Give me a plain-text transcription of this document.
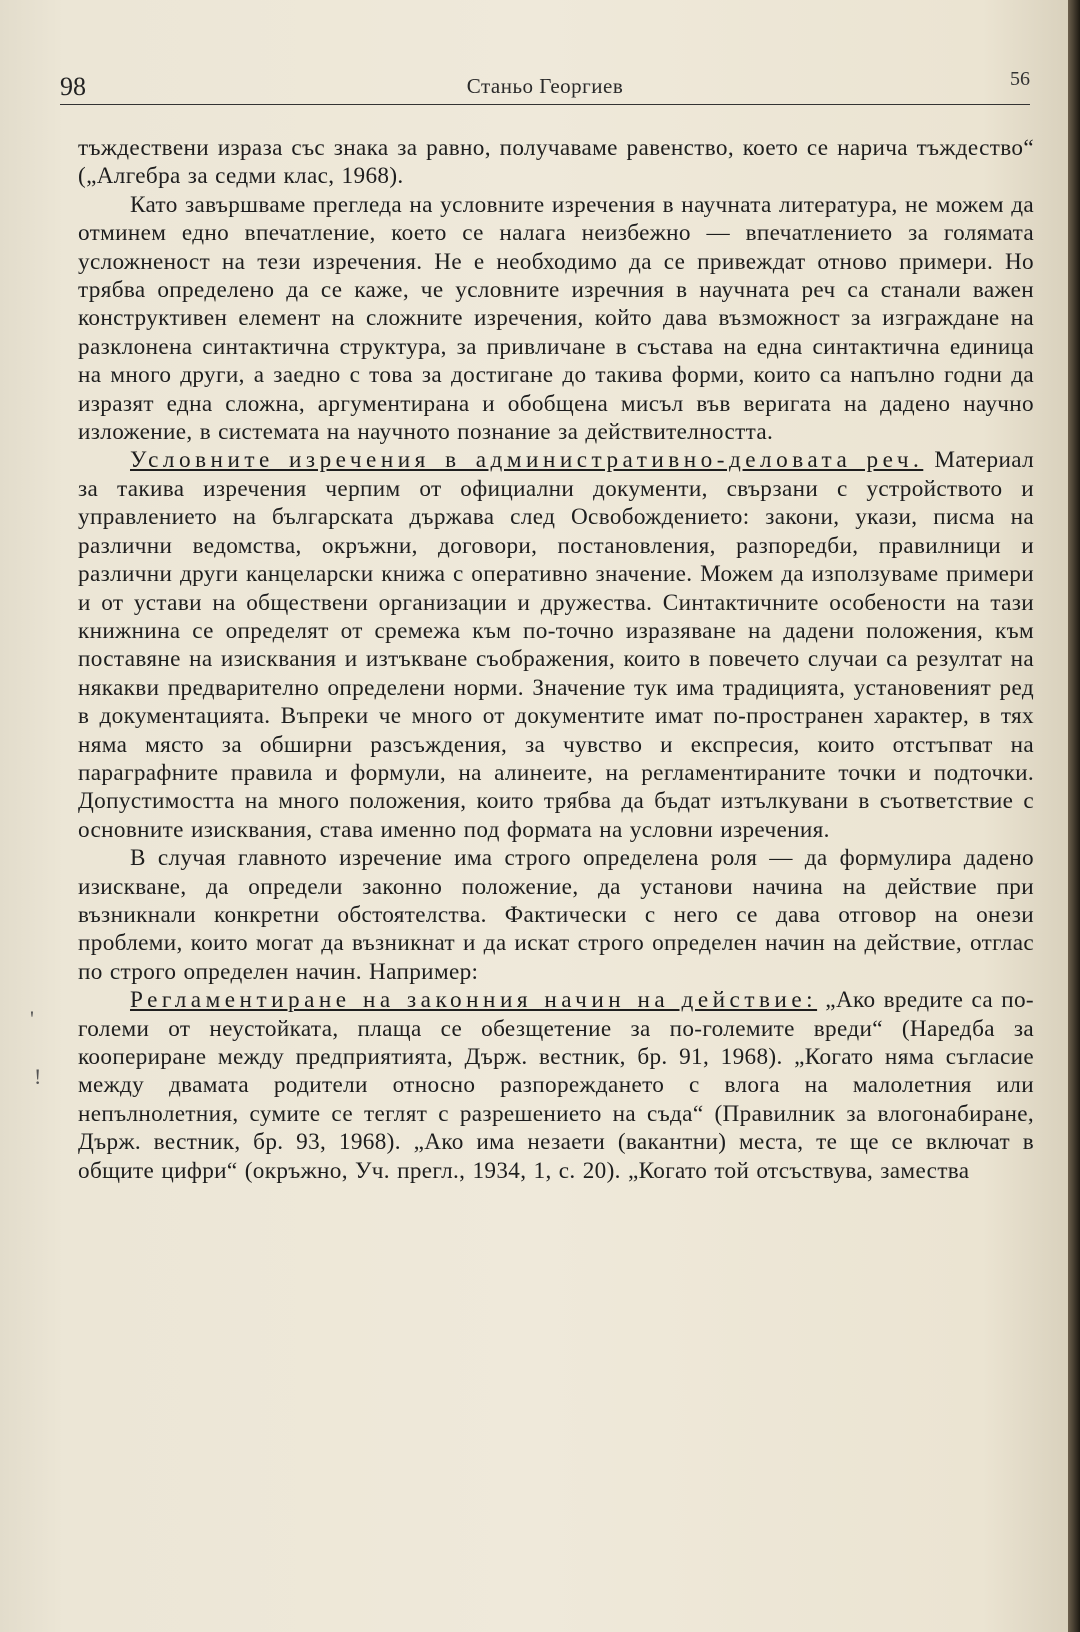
98	Станьо Георгиев	56
'
!

тъждествени израза със знака за равно, получаваме равенство, което се нарича тъждество“ („Алгебра за седми клас, 1968).

Като завършваме прегледа на условните изречения в научната литература, не можем да отминем едно впечатление, което се налага неизбежно — впечатлението за голямата усложненост на тези изречения. Не е необходимо да се привеждат отново примери. Но трябва определено да се каже, че условните изречния в научната реч са станали важен конструктивен елемент на сложните изречения, който дава възможност за изграждане на разклонена синтактична структура, за привличане в състава на една синтактична единица на много други, а заедно с това за достигане до такива форми, които са напълно годни да изразят една сложна, аргументирана и обобщена мисъл във веригата на дадено научно изложение, в системата на научното познание за действителността.

Условните изречения в административно-деловата реч. Материал за такива изречения черпим от официални документи, свързани с устройството и управлението на българската държава след Освобождението: закони, укази, писма на различни ведомства, окръжни, договори, постановления, разпоредби, правилници и различни други канцеларски книжа с оперативно значение. Можем да използуваме примери и от устави на обществени организации и дружества. Синтактичните особености на тази книжнина се определят от сремежа към по-точно изразяване на дадени положения, към поставяне на изисквания и изтъкване съображения, които в повечето случаи са резултат на някакви предварително определени норми. Значение тук има традицията, установеният ред в документацията. Въпреки че много от документите имат по-пространен характер, в тях няма място за обширни разсъждения, за чувство и експресия, които отстъпват на параграфните правила и формули, на алинеите, на регламентираните точки и подточки. Допустимостта на много положения, които трябва да бъдат изтълкувани в съответствие с основните изисквания, става именно под формата на условни изречения.

В случая главното изречение има строго определена роля — да формулира дадено изискване, да определи законно положение, да установи начина на действие при възникнали конкретни обстоятелства. Фактически с него се дава отговор на онези проблеми, които могат да възникнат и да искат строго определен начин на действие, отглас по строго определен начин. Например:

Регламентиране на законния начин на действие: „Ако вредите са по-големи от неустойката, плаща се обезщетение за по-големите вреди“ (Наредба за коопериране между предприятията, Държ. вестник, бр. 91, 1968). „Когато няма съгласие между двамата родители относно разпореждането с влога на малолетния или непълнолетния, сумите се теглят с разрешението на съда“ (Правилник за влогонабиране, Държ. вестник, бр. 93, 1968). „Ако има незаети (вакантни) места, те ще се включат в общите цифри“ (окръжно, Уч. прегл., 1934, 1, с. 20). „Когато той отсъствува, замества
